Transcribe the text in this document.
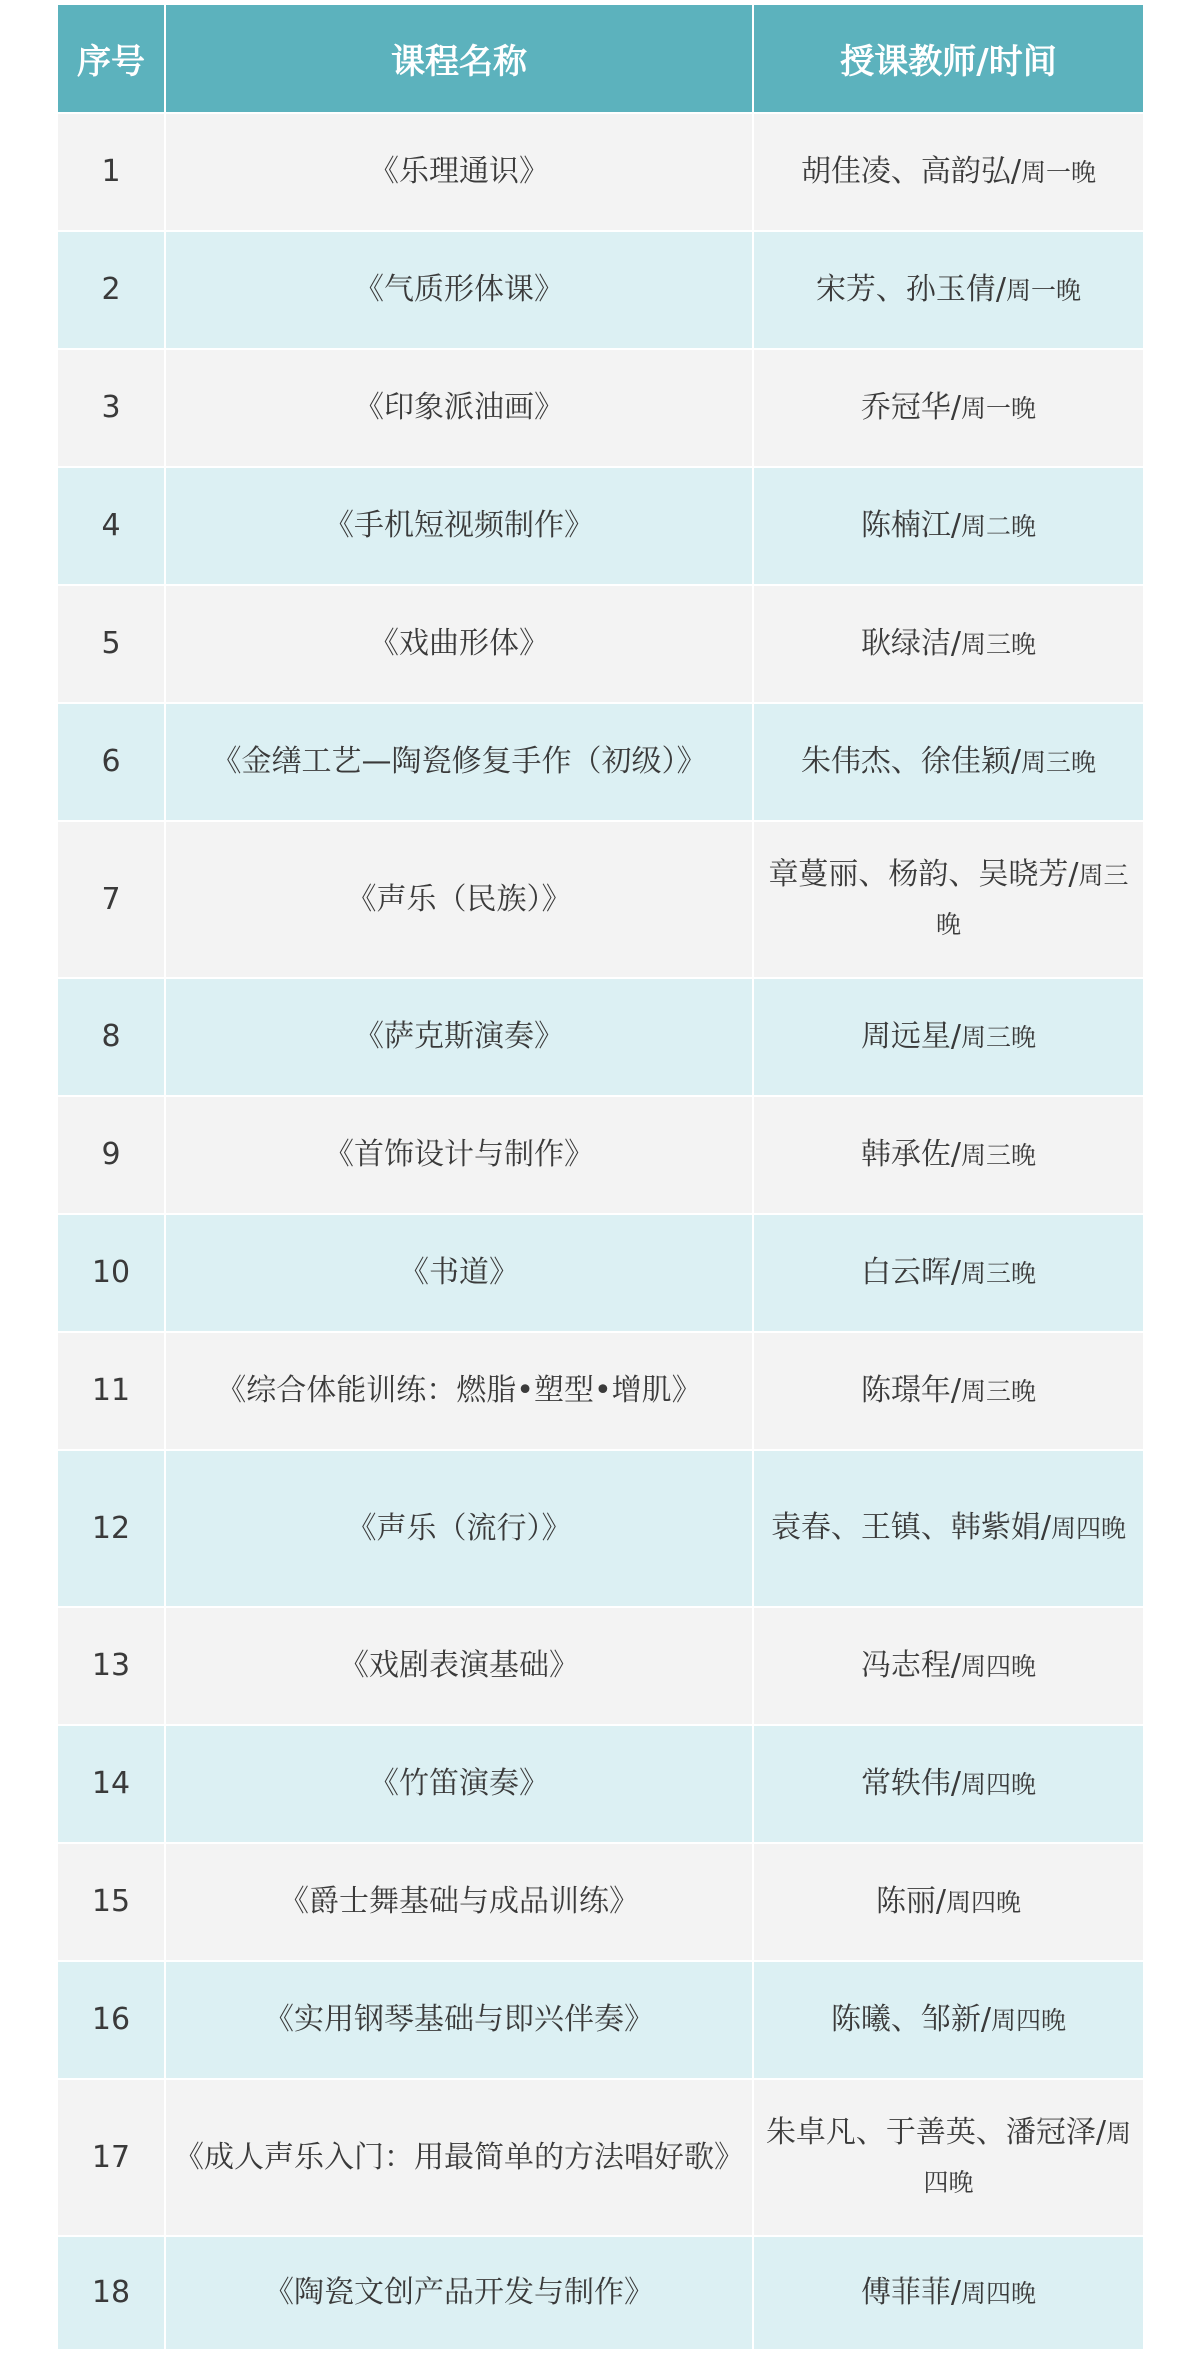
序号	课程名称	授课教师/时间
1	《乐理通识》	胡佳凌、高韵弘/周一晚
2	《气质形体课》	宋芳、孙玉倩/周一晚
3	《印象派油画》	乔冠华/周一晚
4	《手机短视频制作》	陈楠江/周二晚
5	《戏曲形体》	耿绿洁/周三晚
6	《金缮工艺—陶瓷修复手作（初级）》	朱伟杰、徐佳颖/周三晚
7	《声乐（民族）》	章蔓丽、杨韵、吴晓芳/周三晚
8	《萨克斯演奏》	周远星/周三晚
9	《首饰设计与制作》	韩承佐/周三晚
10	《书道》	白云晖/周三晚
11	《综合体能训练：燃脂•塑型•增肌》	陈璟年/周三晚
12	《声乐（流行）》	袁春、王镇、韩紫娟/周四晚
13	《戏剧表演基础》	冯志程/周四晚
14	《竹笛演奏》	常轶伟/周四晚
15	《爵士舞基础与成品训练》	陈丽/周四晚
16	《实用钢琴基础与即兴伴奏》	陈曦、邹新/周四晚
17	《成人声乐入门：用最简单的方法唱好歌》	朱卓凡、于善英、潘冠泽/周四晚
18	《陶瓷文创产品开发与制作》	傅菲菲/周四晚
